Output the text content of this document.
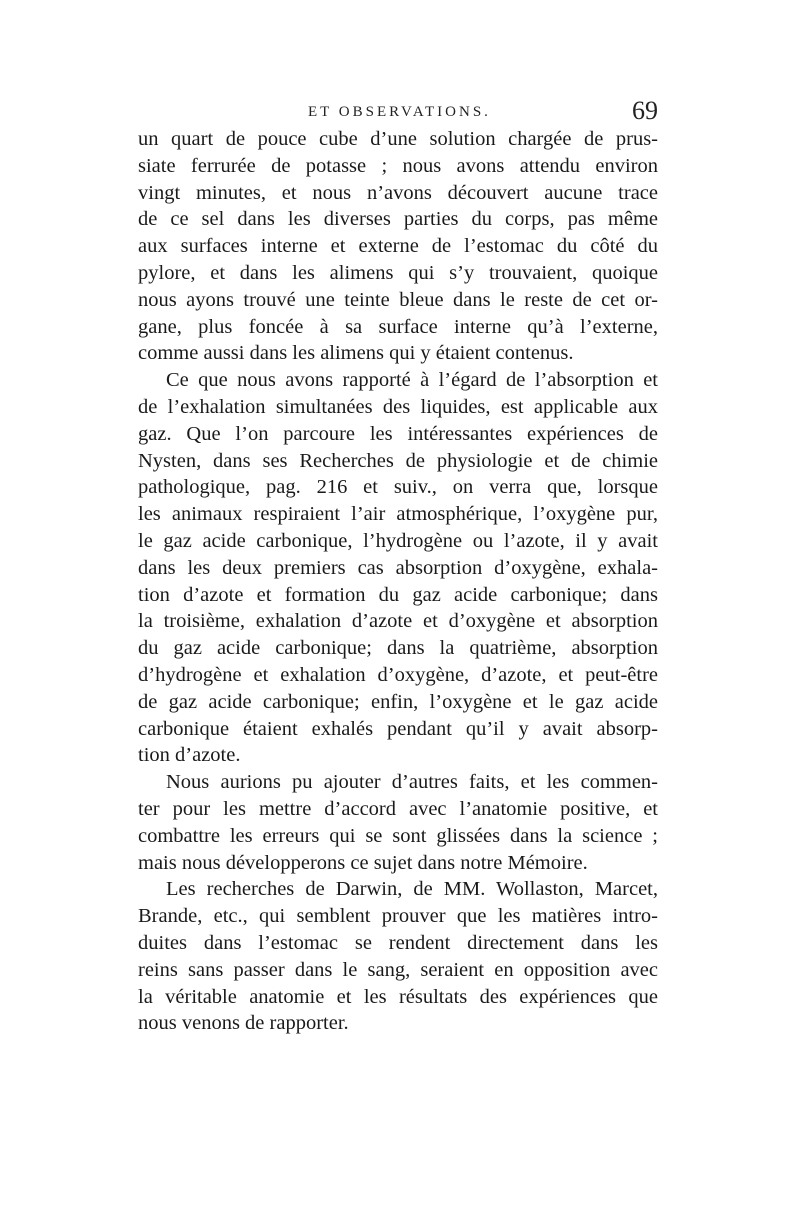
ET OBSERVATIONS.	69
un quart de pouce cube d’une solution chargée de prus-
siate ferrurée de potasse ; nous avons attendu environ
vingt minutes, et nous n’avons découvert aucune trace
de ce sel dans les diverses parties du corps, pas même
aux surfaces interne et externe de l’estomac du côté du
pylore, et dans les alimens qui s’y trouvaient, quoique
nous ayons trouvé une teinte bleue dans le reste de cet or-
gane, plus foncée à sa surface interne qu’à l’externe,
comme aussi dans les alimens qui y étaient contenus.
Ce que nous avons rapporté à l’égard de l’absorption et
de l’exhalation simultanées des liquides, est applicable aux
gaz. Que l’on parcoure les intéressantes expériences de
Nysten, dans ses Recherches de physiologie et de chimie
pathologique, pag. 216 et suiv., on verra que, lorsque
les animaux respiraient l’air atmosphérique, l’oxygène pur,
le gaz acide carbonique, l’hydrogène ou l’azote, il y avait
dans les deux premiers cas absorption d’oxygène, exhala-
tion d’azote et formation du gaz acide carbonique; dans
la troisième, exhalation d’azote et d’oxygène et absorption
du gaz acide carbonique; dans la quatrième, absorption
d’hydrogène et exhalation d’oxygène, d’azote, et peut-être
de gaz acide carbonique; enfin, l’oxygène et le gaz acide
carbonique étaient exhalés pendant qu’il y avait absorp-
tion d’azote.
Nous aurions pu ajouter d’autres faits, et les commen-
ter pour les mettre d’accord avec l’anatomie positive, et
combattre les erreurs qui se sont glissées dans la science ;
mais nous développerons ce sujet dans notre Mémoire.
Les recherches de Darwin, de MM. Wollaston, Marcet,
Brande, etc., qui semblent prouver que les matières intro-
duites dans l’estomac se rendent directement dans les
reins sans passer dans le sang, seraient en opposition avec
la véritable anatomie et les résultats des expériences que
nous venons de rapporter.
